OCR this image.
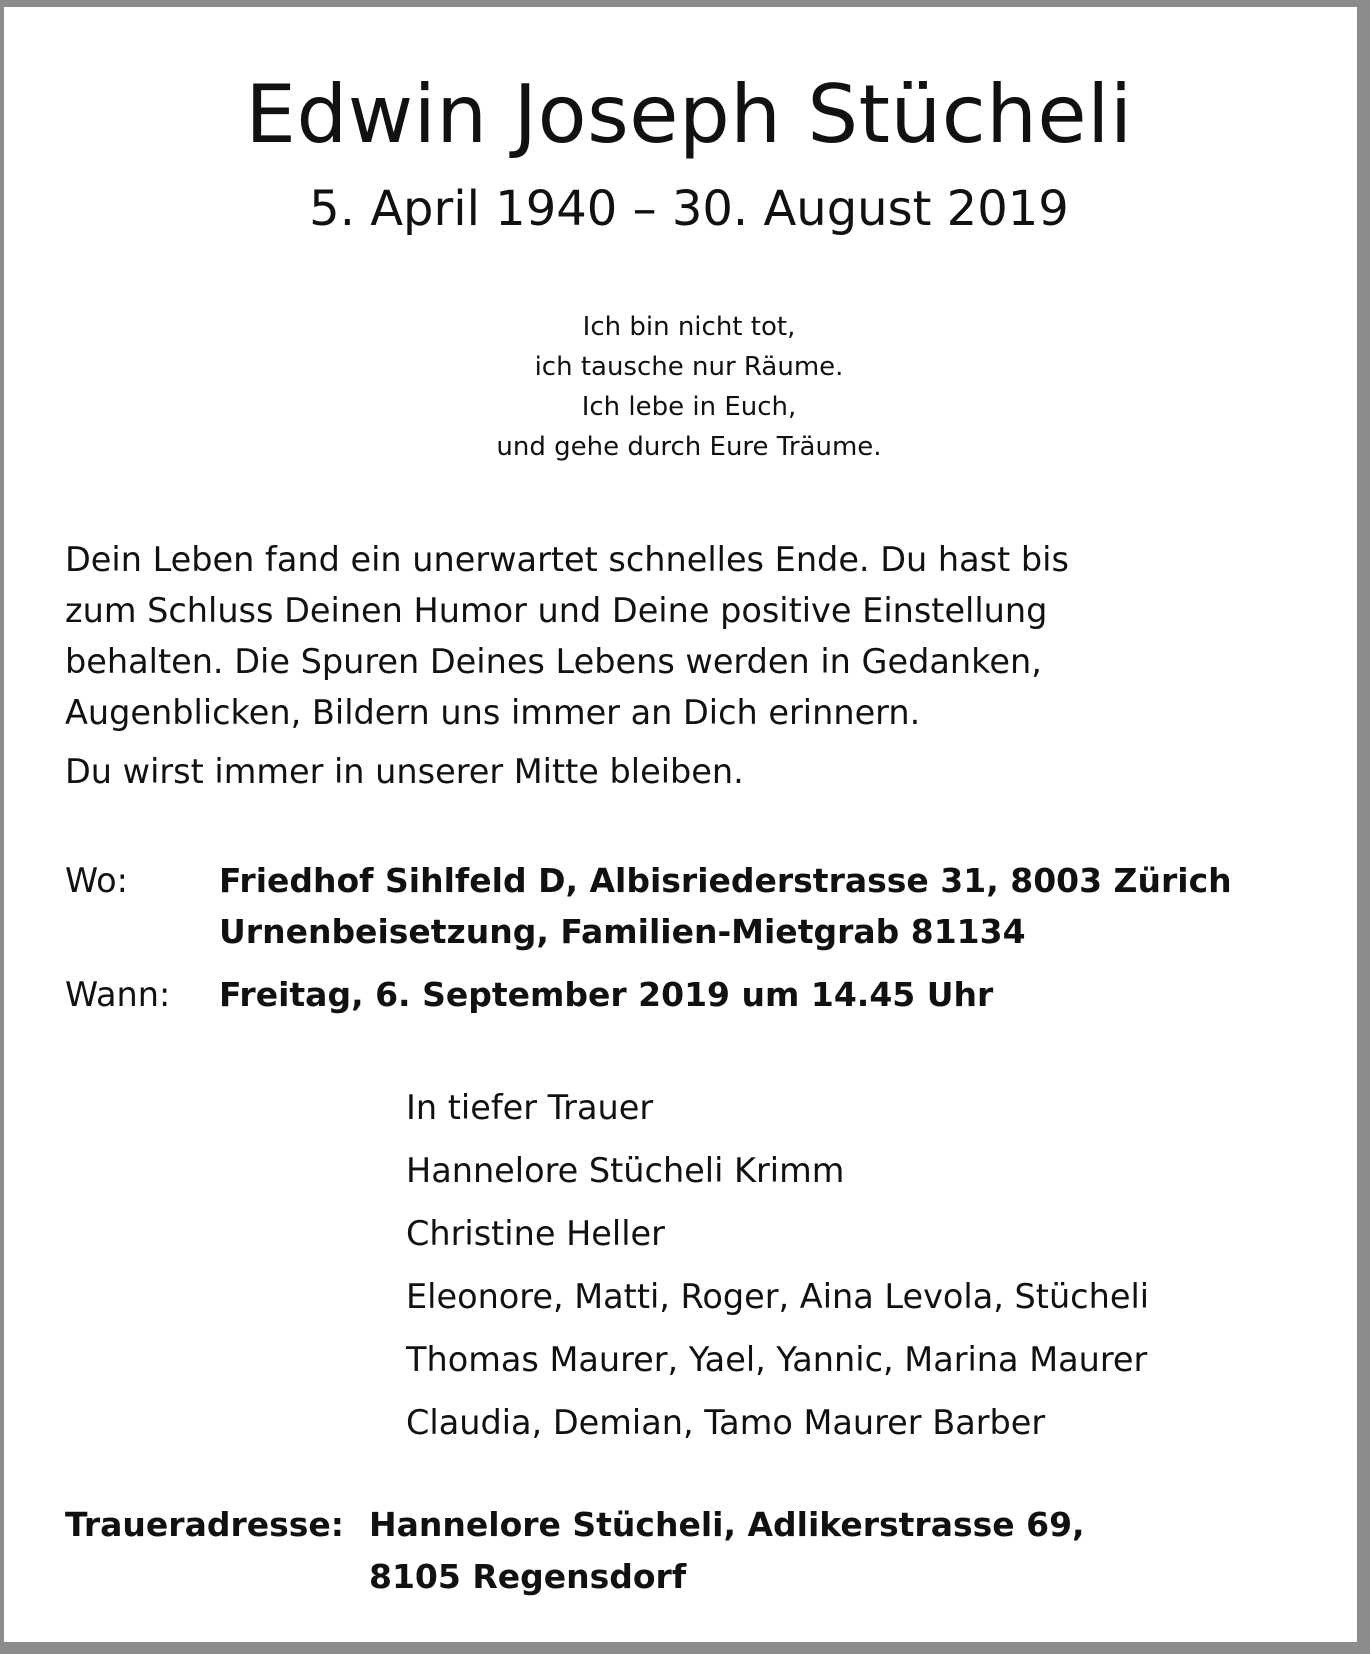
Edwin Joseph Stücheli
5. April 1940 – 30. August 2019
Ich bin nicht tot,
ich tausche nur Räume.
Ich lebe in Euch,
und gehe durch Eure Träume.
Dein Leben fand ein unerwartet schnelles Ende. Du hast bis
zum Schluss Deinen Humor und Deine positive Einstellung
behalten. Die Spuren Deines Lebens werden in Gedanken,
Augenblicken, Bildern uns immer an Dich erinnern.
Du wirst immer in unserer Mitte bleiben.
Wo:	Friedhof Sihlfeld D, Albisriederstrasse 31, 8003 Zürich
Urnenbeisetzung, Familien-Mietgrab 81134
Wann: Freitag, 6. September 2019 um 14.45 Uhr
In tiefer Trauer
Hannelore Stücheli Krimm
Christine Heller
Eleonore, Matti, Roger, Aina Levola, Stücheli
Thomas Maurer, Yael, Yannic, Marina Maurer
Claudia, Demian, Tamo Maurer Barber
Traueradresse: Hannelore Stücheli, Adlikerstrasse 69,
8105 Regensdorf
